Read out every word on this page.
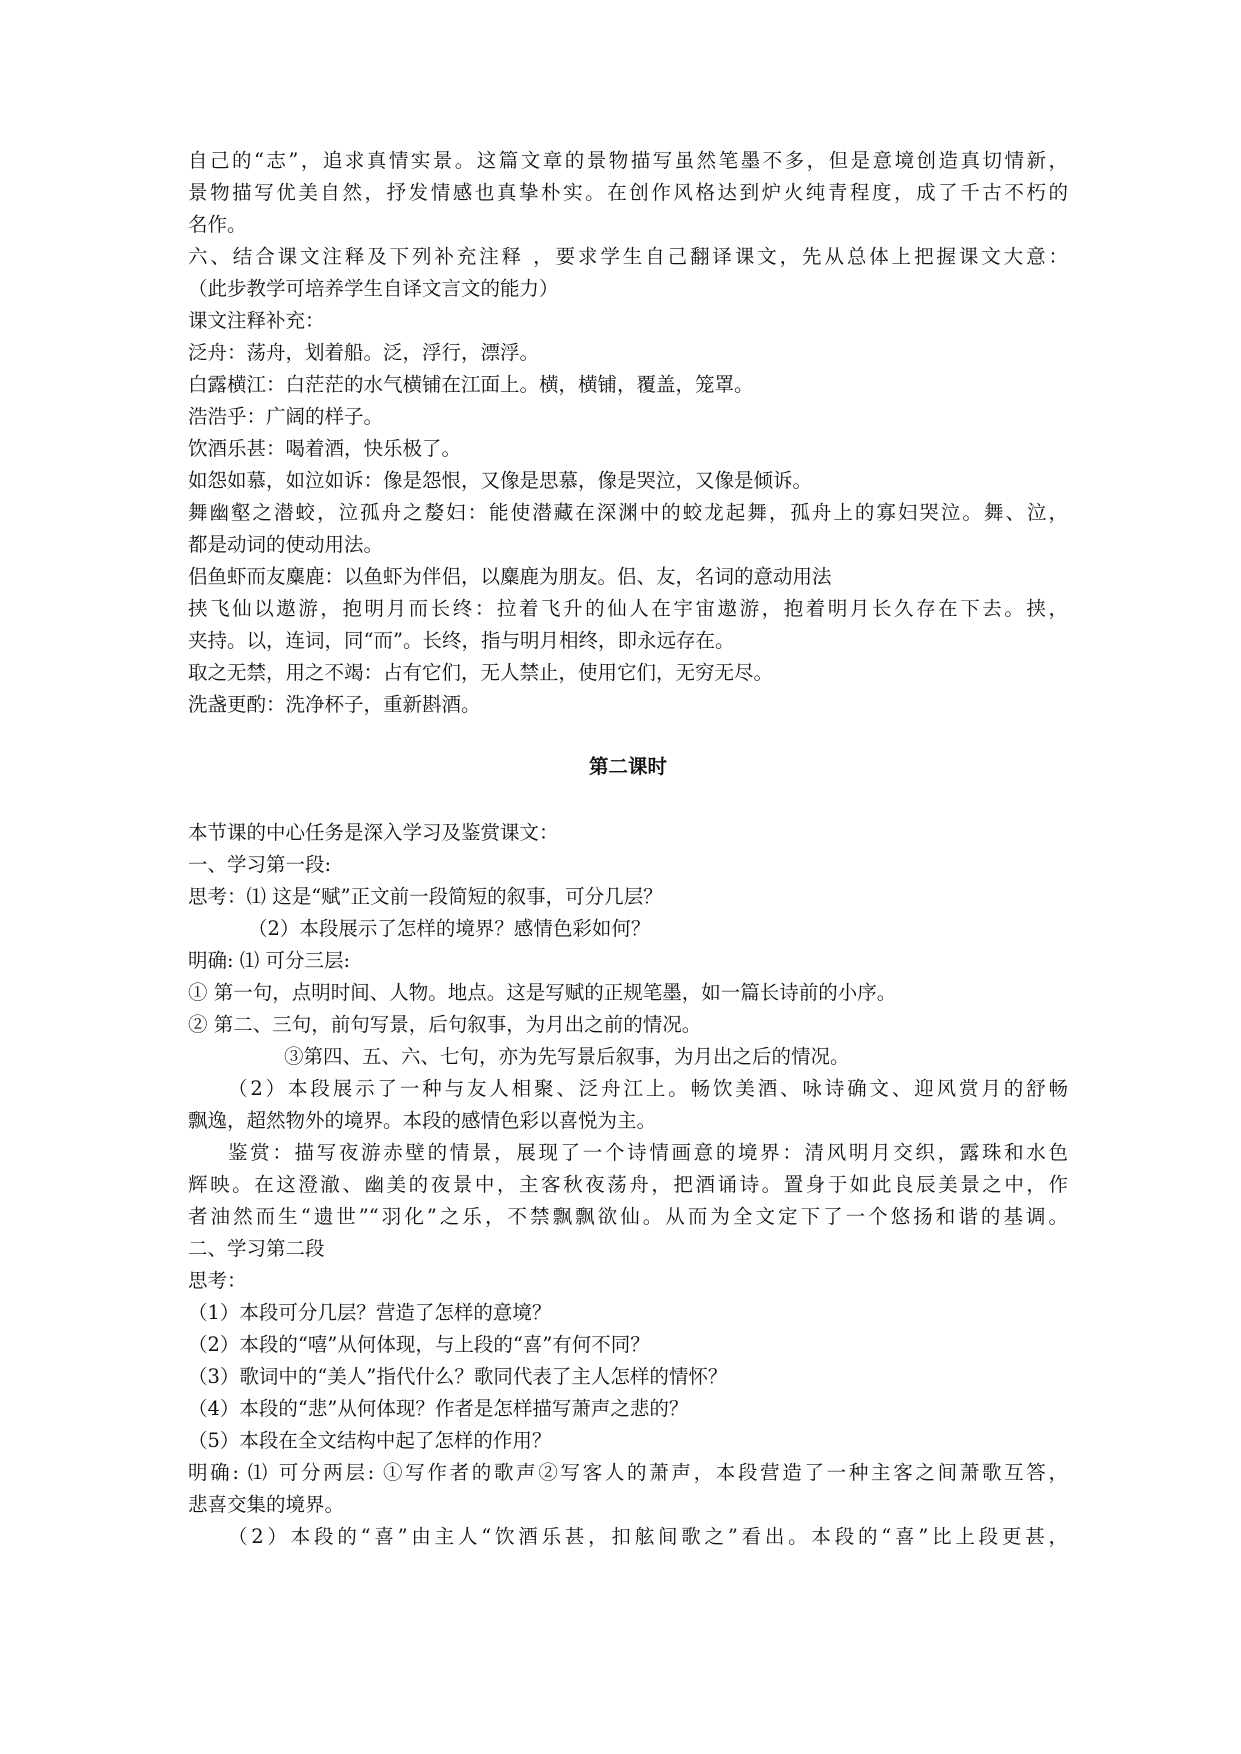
自己的“志”，追求真情实景。这篇文章的景物描写虽然笔墨不多，但是意境创造真切情新，
景物描写优美自然，抒发情感也真挚朴实。在创作风格达到炉火纯青程度，成了千古不朽的
名作。
六、结合课文注释及下列补充注释 ，要求学生自己翻译课文，先从总体上把握课文大意：
（此步教学可培养学生自译文言文的能力）
课文注释补充：
泛舟：荡舟，划着船。泛，浮行，漂浮。
白露横江：白茫茫的水气横铺在江面上。横，横铺，覆盖，笼罩。
浩浩乎：广阔的样子。
饮酒乐甚：喝着酒，快乐极了。
如怨如慕，如泣如诉：像是怨恨，又像是思慕，像是哭泣，又像是倾诉。
舞幽壑之潜蛟，泣孤舟之嫠妇：能使潜藏在深渊中的蛟龙起舞，孤舟上的寡妇哭泣。舞、泣，
都是动词的使动用法。
侣鱼虾而友麋鹿：以鱼虾为伴侣，以麋鹿为朋友。侣、友，名词的意动用法
挟飞仙以遨游，抱明月而长终：拉着飞升的仙人在宇宙遨游，抱着明月长久存在下去。挟，
夹持。以，连词，同“而”。长终，指与明月相终，即永远存在。
取之无禁，用之不竭：占有它们，无人禁止，使用它们，无穷无尽。
洗盏更酌：洗净杯子，重新斟酒。
第二课时
本节课的中心任务是深入学习及鉴赏课文：
一、学习第一段:
思考：⑴ 这是“赋”正文前一段简短的叙事，可分几层？
（2）本段展示了怎样的境界？感情色彩如何？
明确: ⑴ 可分三层:
① 第一句，点明时间、人物。地点。这是写赋的正规笔墨，如一篇长诗前的小序。
② 第二、三句，前句写景，后句叙事，为月出之前的情况。
③第四、五、六、七句，亦为先写景后叙事，为月出之后的情况。
（2）本段展示了一种与友人相聚、泛舟江上。畅饮美酒、咏诗确文、迎风赏月的舒畅
飘逸，超然物外的境界。本段的感情色彩以喜悦为主。
鉴赏：描写夜游赤壁的情景，展现了一个诗情画意的境界：清风明月交织，露珠和水色
辉映。在这澄澈、幽美的夜景中，主客秋夜荡舟，把酒诵诗。置身于如此良辰美景之中，作
者油然而生“遗世”“羽化”之乐，不禁飘飘欲仙。从而为全文定下了一个悠扬和谐的基调。
二、学习第二段
思考：
（1）本段可分几层？营造了怎样的意境？
（2）本段的“嘻”从何体现，与上段的“喜”有何不同？
（3）歌词中的“美人”指代什么？歌同代表了主人怎样的情怀？
（4）本段的“悲”从何体现？作者是怎样描写萧声之悲的？
（5）本段在全文结构中起了怎样的作用？
明确: ⑴ 可分两层: ①写作者的歌声②写客人的萧声，本段营造了一种主客之间萧歌互答，
悲喜交集的境界。
（2）本段的“喜”由主人“饮酒乐甚，扣舷间歌之”看出。本段的“喜”比上段更甚，
